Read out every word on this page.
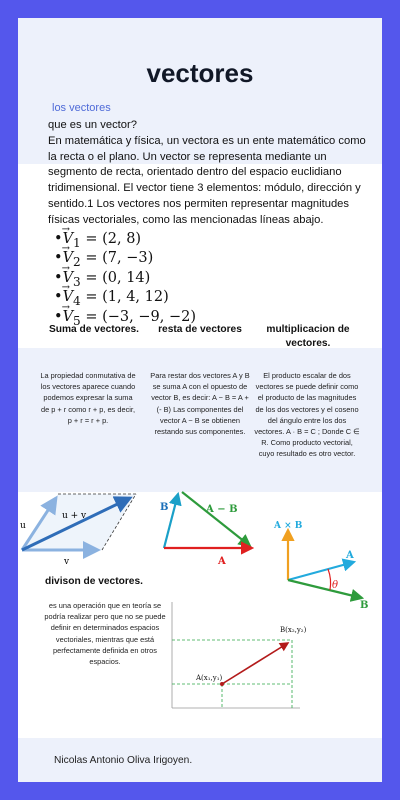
vectores
los vectores

que es un vector?

En matemática y física, un vectora es un ente matemático como la recta o el plano. Un vector se representa mediante un segmento de recta, orientado dentro del espacio euclidiano tridimensional. El vector tiene 3 elementos: módulo, dirección y sentido.1 Los vectores nos permiten representar magnitudes físicas vectoriales, como las mencionadas líneas abajo.

•→ $V_1 = (2$, 8)
•→ $V_2 = (7$, −3)
•→ $V_3 = (0$, 14)
•→ $V_4 = (1$, 4, 12)
•→ $V_5 = (-3$, −9, −2)
Suma de vectores.	resta de vectores	multiplicacion de vectores.
La propiedad conmutativa de los vectores aparece cuando podemos expresar la suma de p + r como r + p, es decir, p + r = r + p.
Para restar dos vectores A y B se suma A con el opuesto de vector B, es decir: A − B = A + (- B) Las componentes del vector A − B se obtienen restando sus componentes.
El producto escalar de dos vectores se puede definir como el producto de las magnitudes de los dos vectores y el coseno del ángulo entre los dos vectores. A · B = C ; Donde C ∈ R. Como producto vectorial, cuyo resultado es otro vector.
u
u + v
v
B	A − B
A
A × B
A
B
θ
divison de vectores.
es una operación que en teoría se podría realizar pero que no se puede definir en determinados espacios vectoriales, mientras que está perfectamente definida en otros espacios.
B(x₂,y₂)
A(x₁,y₁)
Nicolas Antonio Oliva Irigoyen.
